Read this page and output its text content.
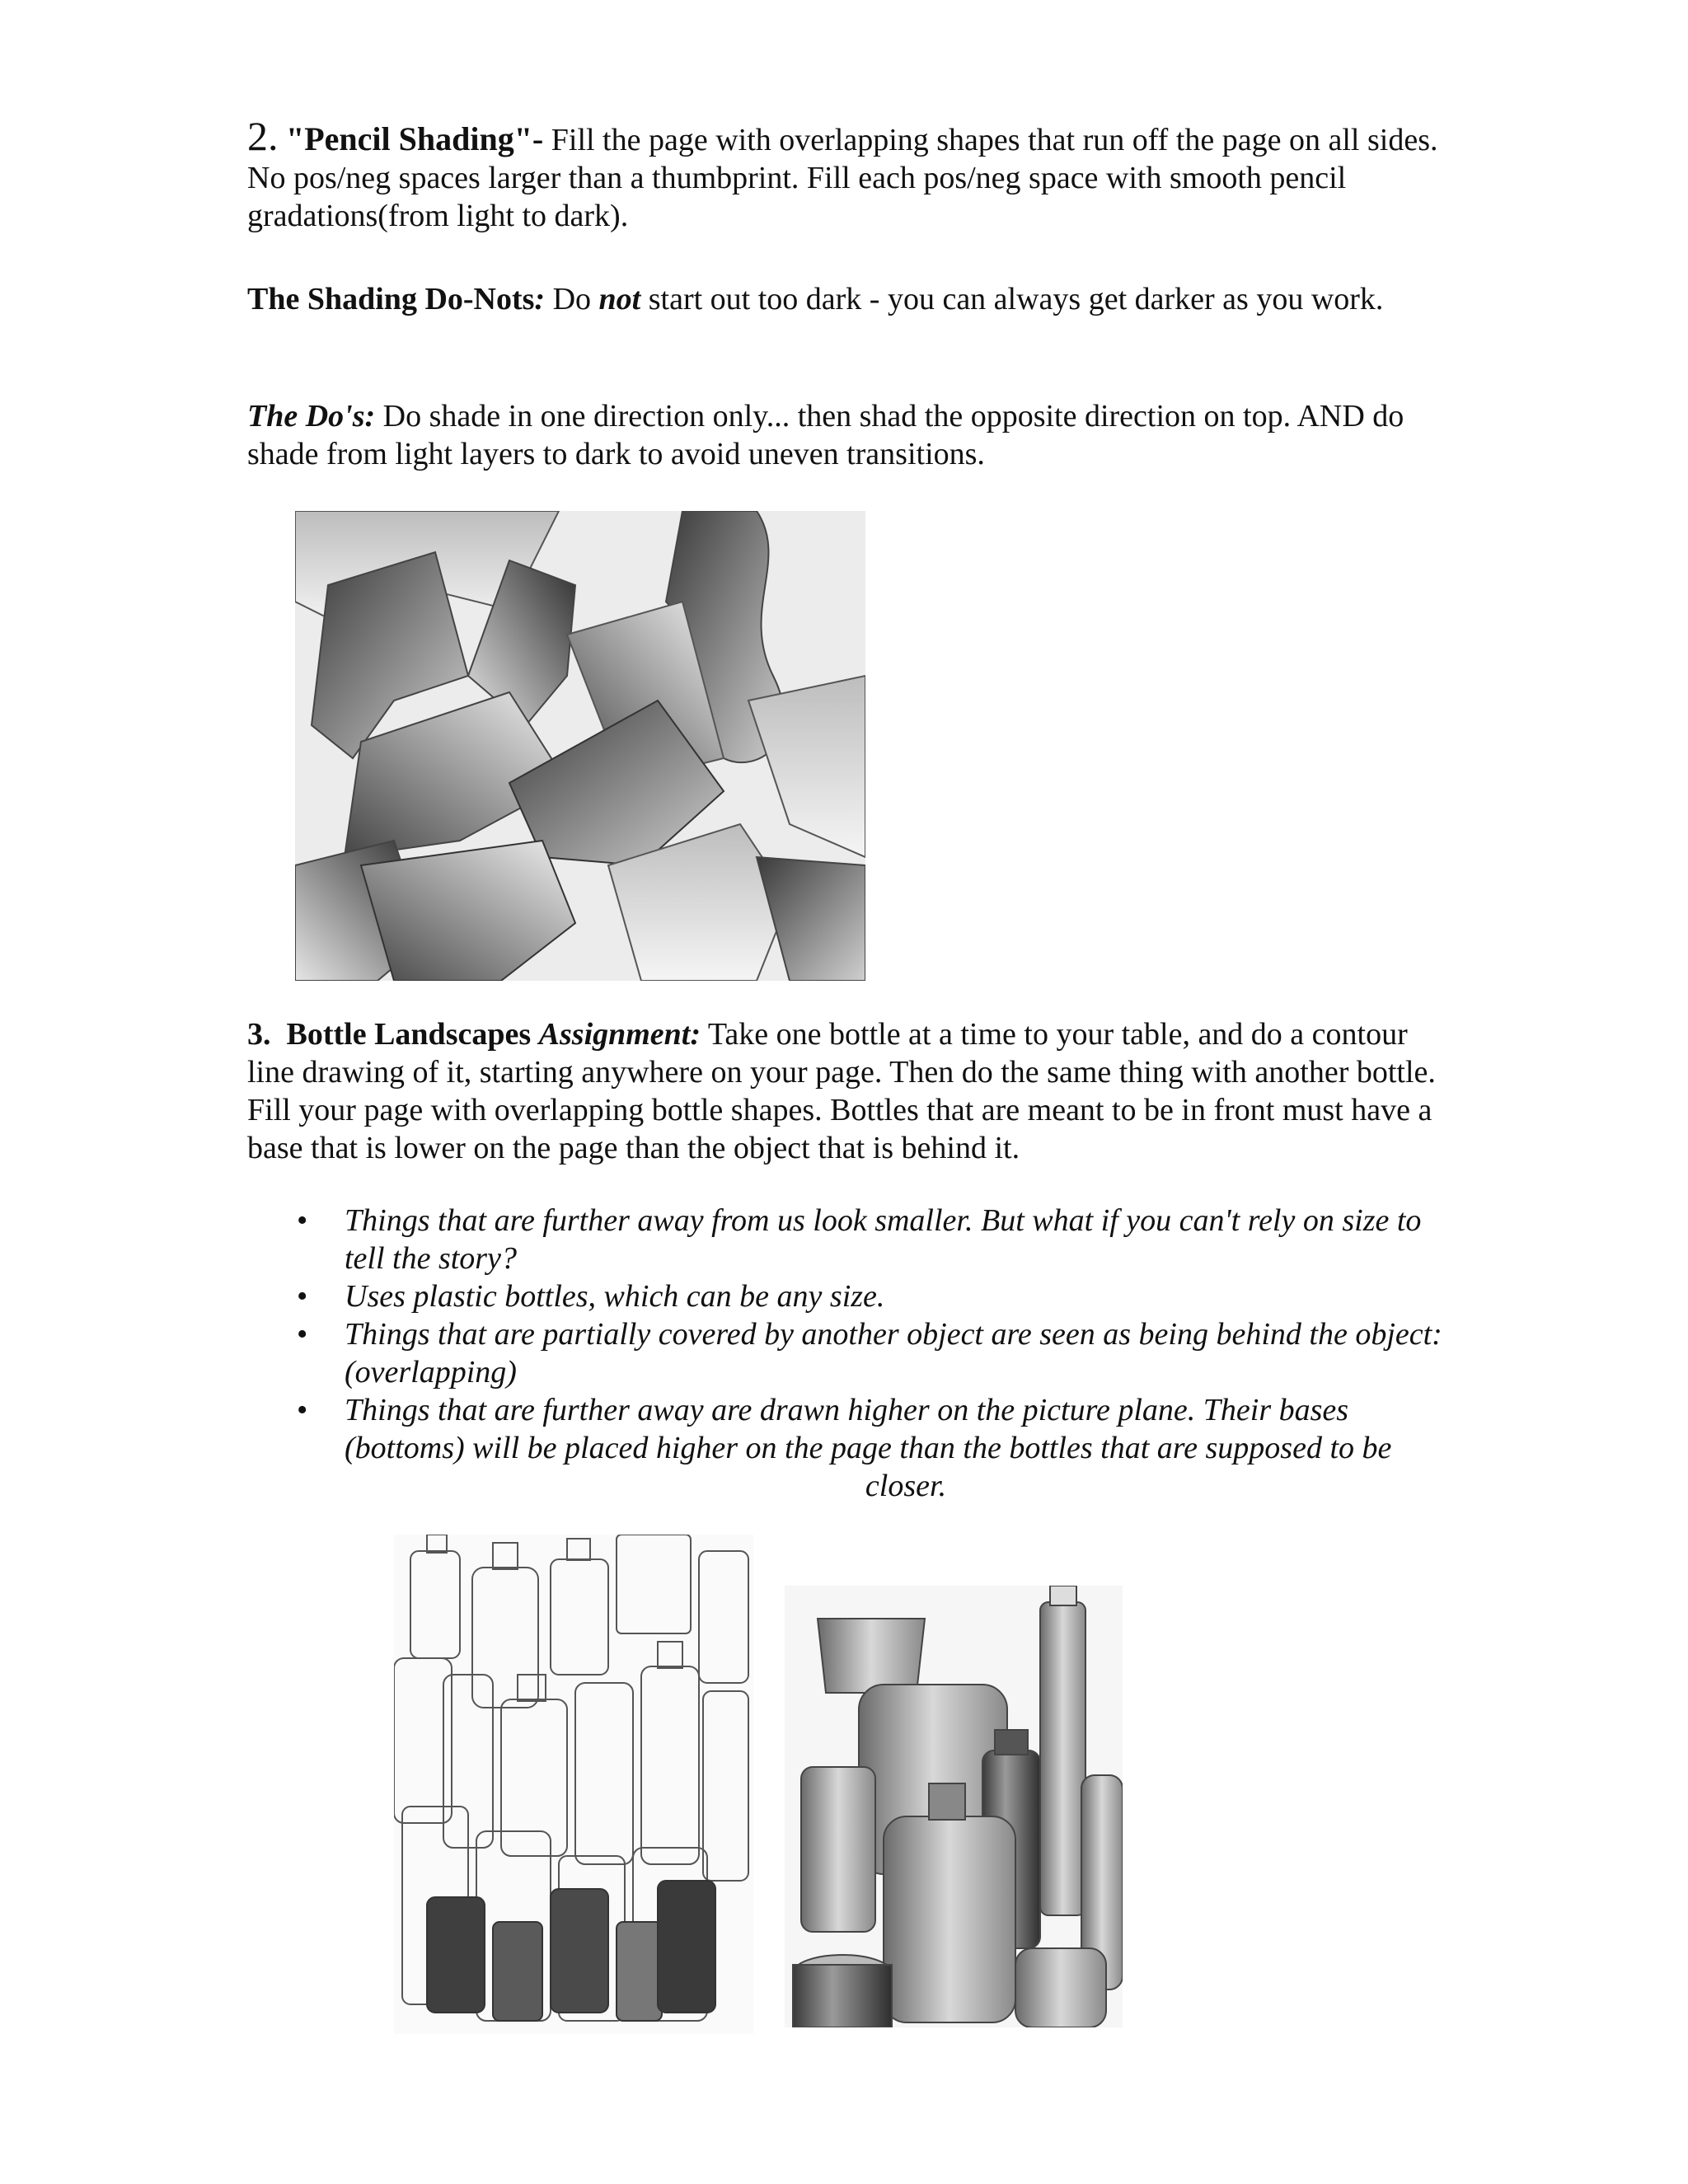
2. "Pencil Shading"- Fill the page with overlapping shapes that run off the page on all sides. No pos/neg spaces larger than a thumbprint. Fill each pos/neg space with smooth pencil gradations(from light to dark).
The Shading Do-Nots: Do not start out too dark - you can always get darker as you work.
The Do's: Do shade in one direction only... then shad the opposite direction on top. AND do shade from light layers to dark to avoid uneven transitions.
3. Bottle Landscapes Assignment: Take one bottle at a time to your table, and do a contour line drawing of it, starting anywhere on your page. Then do the same thing with another bottle. Fill your page with overlapping bottle shapes. Bottles that are meant to be in front must have a base that is lower on the page than the object that is behind it.
• Things that are further away from us look smaller. But what if you can't rely on size to tell the story?
• Uses plastic bottles, which can be any size.
• Things that are partially covered by another object are seen as being behind the object: (overlapping)
• Things that are further away are drawn higher on the picture plane. Their bases (bottoms) will be placed higher on the page than the bottles that are supposed to be
closer.
